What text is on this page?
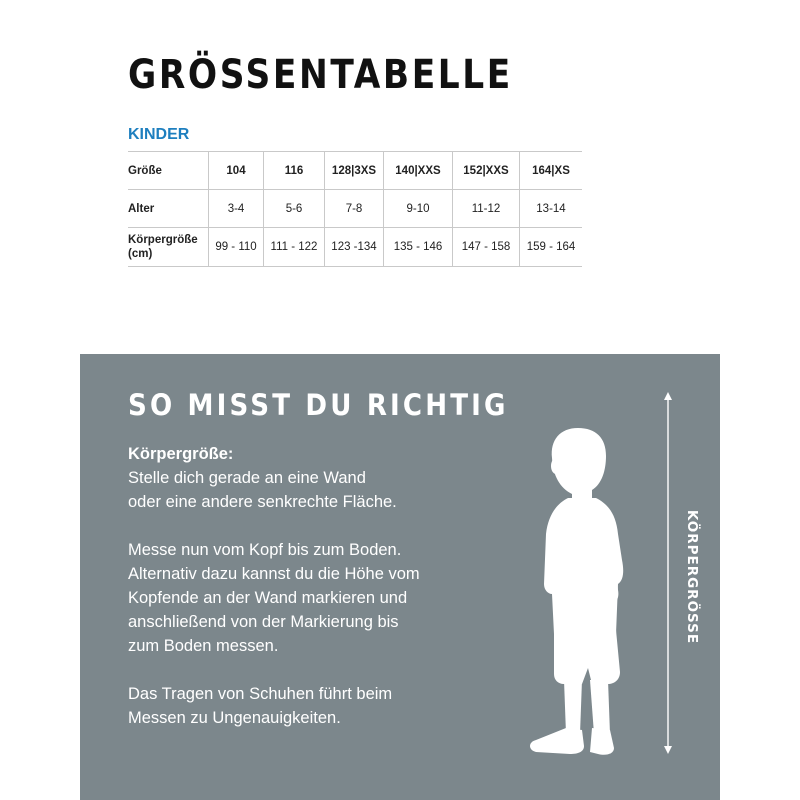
GRÖSSENTABELLE
KINDER
Größe	104	116	128|3XS	140|XXS	152|XXS	164|XS
Alter	3-4	5-6	7-8	9-10	11-12	13-14
Körpergröße
(cm)	99 - 110	111 - 122	123 -134	135 - 146	147 - 158	159 - 164
SO MISST DU RICHTIG

Körpergröße:

Stelle dich gerade an eine Wand
oder eine andere senkrechte Fläche.

Messe nun vom Kopf bis zum Boden.
Alternativ dazu kannst du die Höhe vom
Kopfende an der Wand markieren und
anschließend von der Markierung bis
zum Boden messen.

Das Tragen von Schuhen führt beim
Messen zu Ungenauigkeiten.

KÖRPERGRÖSSE
